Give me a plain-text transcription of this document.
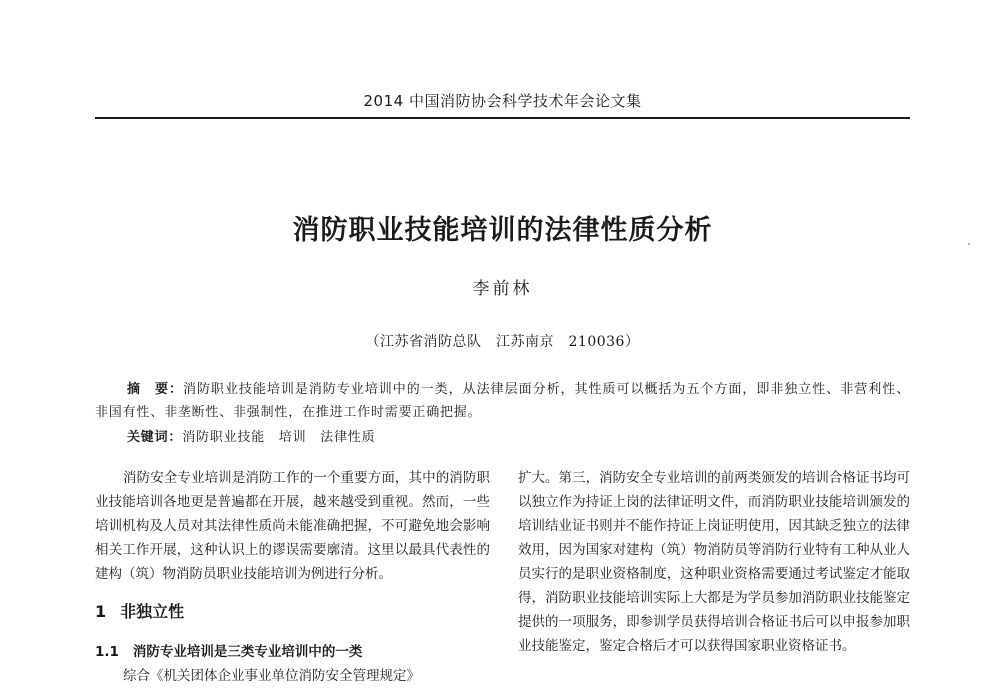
2014 中国消防协会科学技术年会论文集
消防职业技能培训的法律性质分析
李前林
（江苏省消防总队　江苏南京　210036）
摘　要：消防职业技能培训是消防专业培训中的一类，从法律层面分析，其性质可以概括为五个方面，即非独立性、非营利性、非国有性、非垄断性、非强制性，在推进工作时需要正确把握。
关键词：消防职业技能　培训　法律性质

消防安全专业培训是消防工作的一个重要方面，其中的消防职业技能培训各地更是普遍都在开展，越来越受到重视。然而，一些培训机构及人员对其法律性质尚未能准确把握，不可避免地会影响相关工作开展，这种认识上的谬误需要廓清。这里以最具代表性的建构（筑）物消防员职业技能培训为例进行分析。

1 非独立性
1.1 消防专业培训是三类专业培训中的一类

综合《机关团体企业事业单位消防安全管理规定》

扩大。第三，消防安全专业培训的前两类颁发的培训合格证书均可以独立作为持证上岗的法律证明文件，而消防职业技能培训颁发的培训结业证书则并不能作持证上岗证明使用，因其缺乏独立的法律效用，因为国家对建构（筑）物消防员等消防行业特有工种从业人员实行的是职业资格制度，这种职业资格需要通过考试鉴定才能取得，消防职业技能培训实际上大都是为学员参加消防职业技能鉴定提供的一项服务，即参训学员获得培训合格证书后可以申报参加职业技能鉴定，鉴定合格后才可以获得国家职业资格证书。
